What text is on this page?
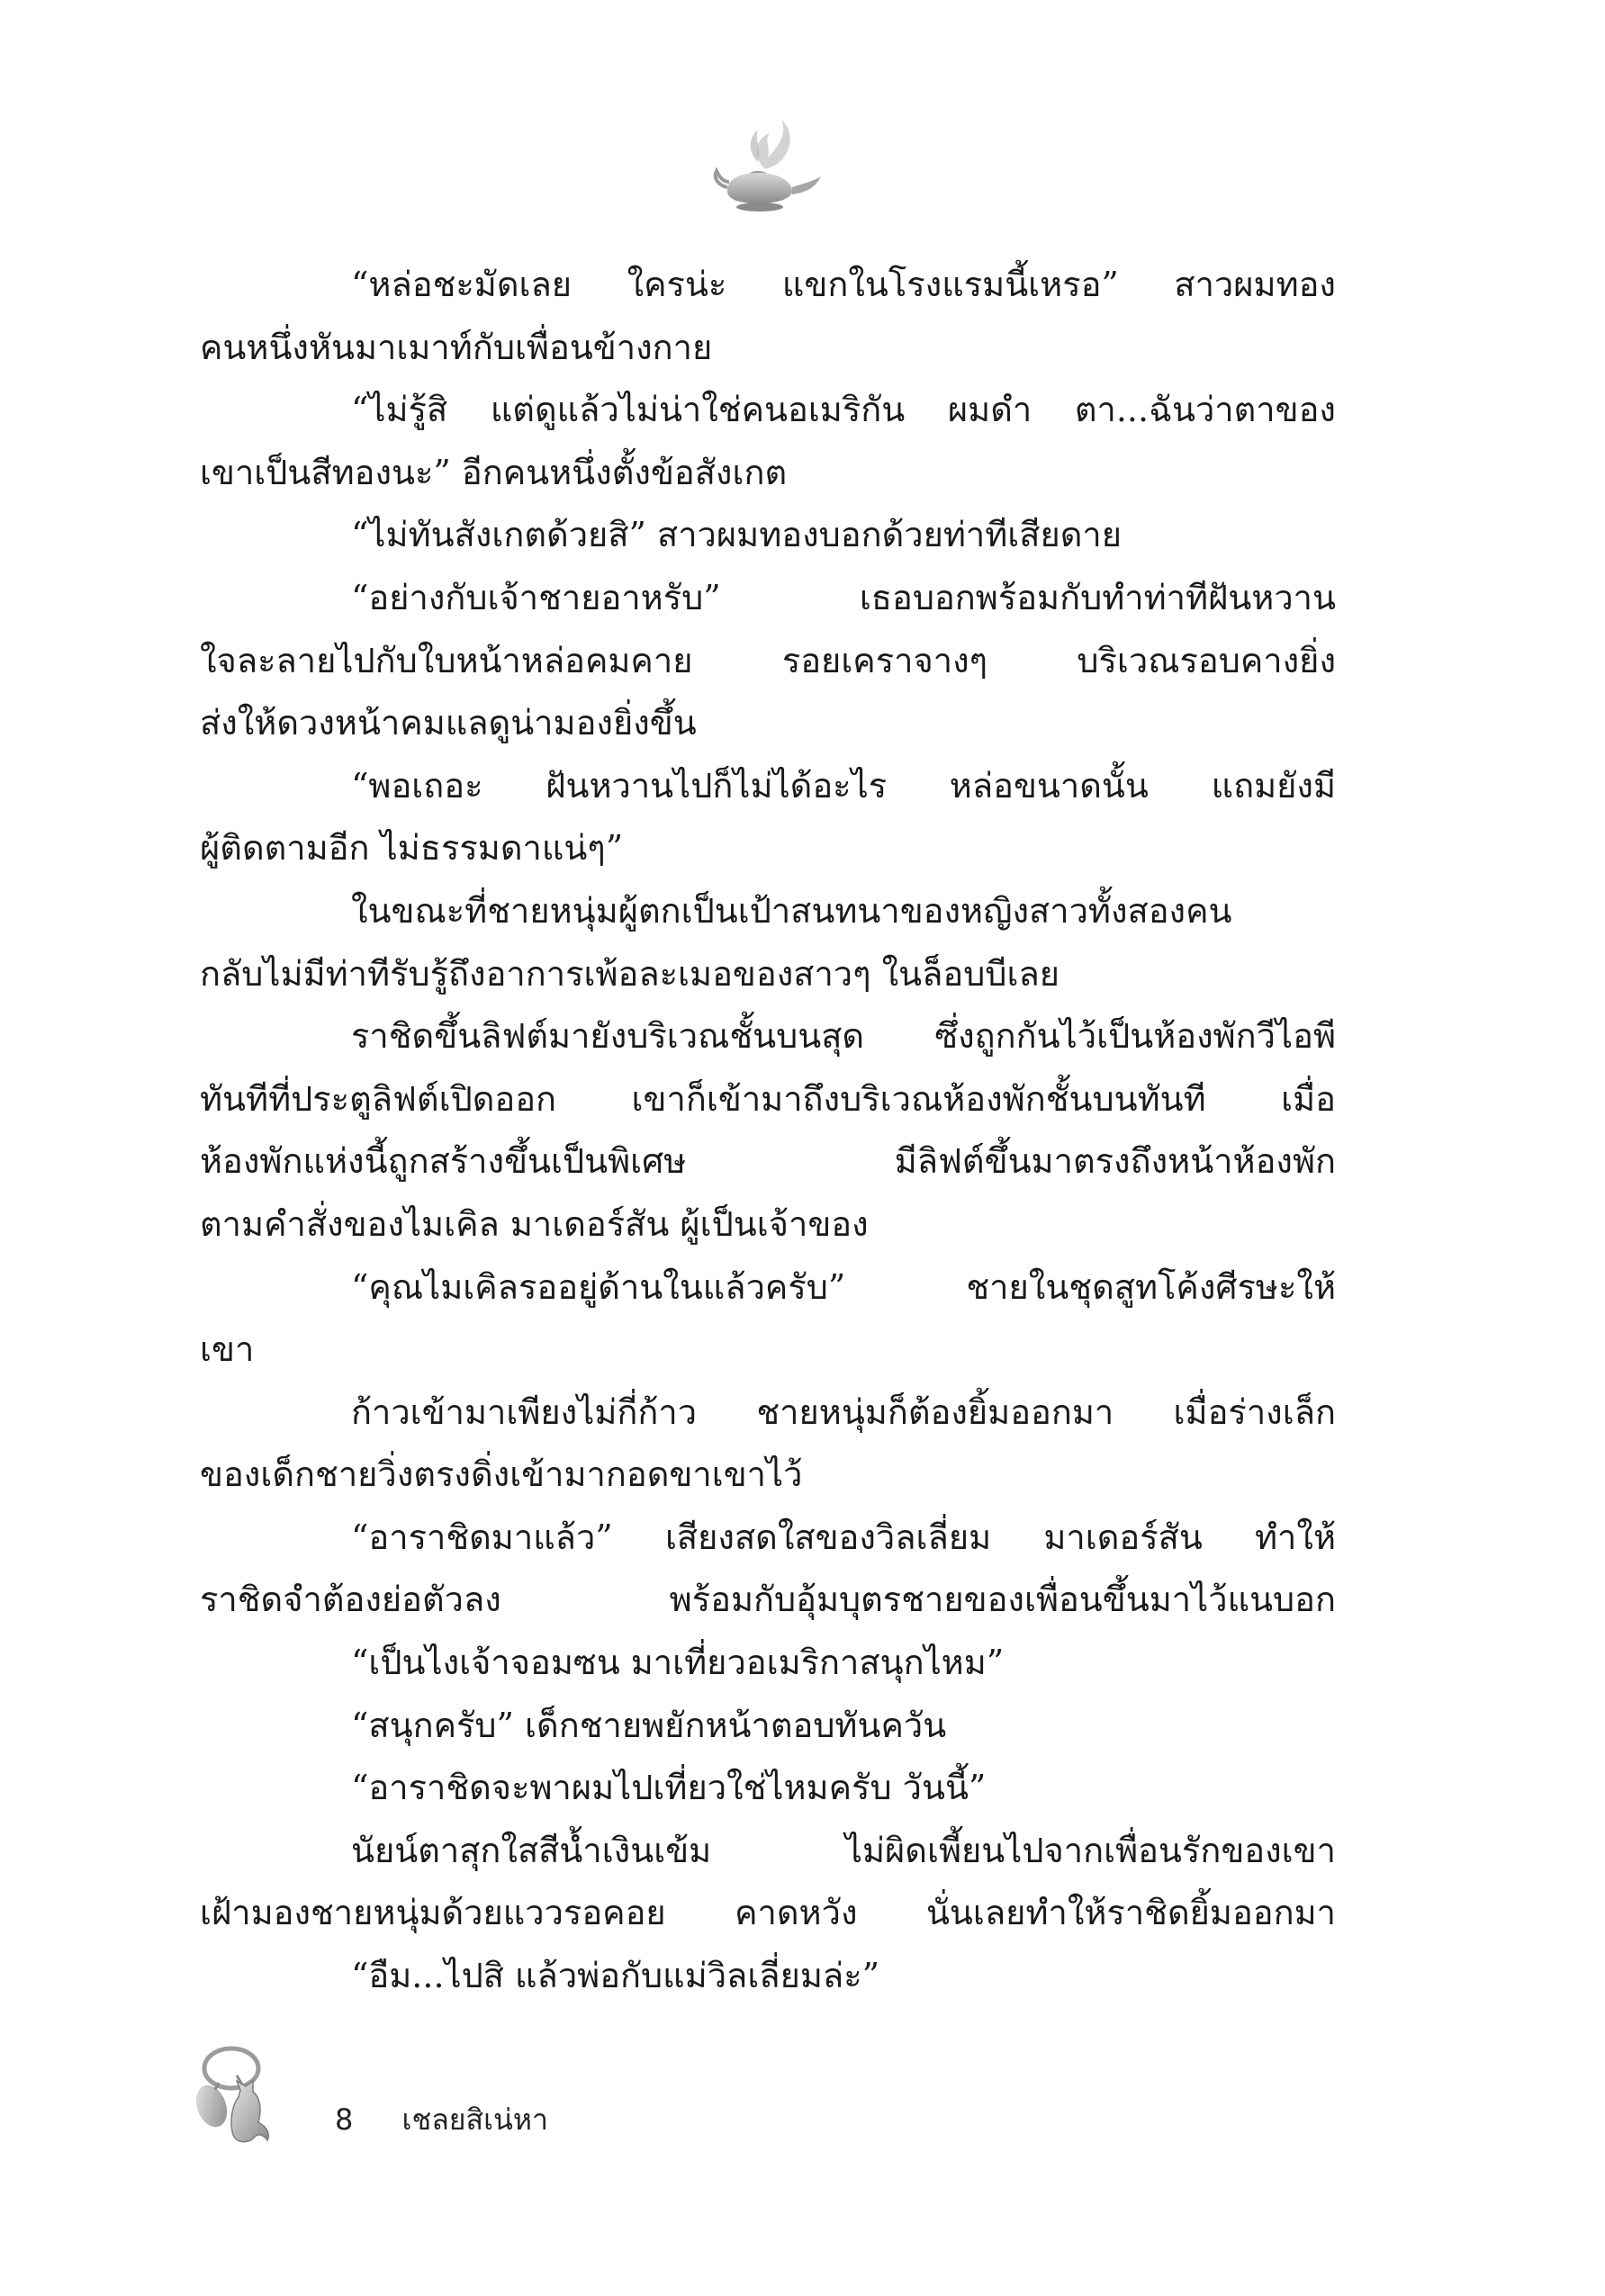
“หล่อชะมัดเลย ใครน่ะ แขกในโรงแรมนี้เหรอ” สาวผมทอง
คนหนึ่งหันมาเมาท์กับเพื่อนข้างกาย
“ไม่รู้สิ แต่ดูแล้วไม่น่าใช่คนอเมริกัน ผมดำ ตา...ฉันว่าตาของ
เขาเป็นสีทองนะ” อีกคนหนึ่งตั้งข้อสังเกต
“ไม่ทันสังเกตด้วยสิ” สาวผมทองบอกด้วยท่าทีเสียดาย
“อย่างกับเจ้าชายอาหรับ” เธอบอกพร้อมกับทำท่าทีฝันหวาน
ใจละลายไปกับใบหน้าหล่อคมคาย รอยเคราจางๆ บริเวณรอบคางยิ่ง
ส่งให้ดวงหน้าคมแลดูน่ามองยิ่งขึ้น
“พอเถอะ ฝันหวานไปก็ไม่ได้อะไร หล่อขนาดนั้น แถมยังมี
ผู้ติดตามอีก ไม่ธรรมดาแน่ๆ”
ในขณะที่ชายหนุ่มผู้ตกเป็นเป้าสนทนาของหญิงสาวทั้งสองคน
กลับไม่มีท่าทีรับรู้ถึงอาการเพ้อละเมอของสาวๆ ในล็อบบีเลย
ราชิดขึ้นลิฟต์มายังบริเวณชั้นบนสุด ซึ่งถูกกันไว้เป็นห้องพักวีไอพี
ทันทีที่ประตูลิฟต์เปิดออก เขาก็เข้ามาถึงบริเวณห้องพักชั้นบนทันที เมื่อ
ห้องพักแห่งนี้ถูกสร้างขึ้นเป็นพิเศษ มีลิฟต์ขึ้นมาตรงถึงหน้าห้องพัก
ตามคำสั่งของไมเคิล มาเดอร์สัน ผู้เป็นเจ้าของ
“คุณไมเคิลรออยู่ด้านในแล้วครับ” ชายในชุดสูทโค้งศีรษะให้
เขา
ก้าวเข้ามาเพียงไม่กี่ก้าว ชายหนุ่มก็ต้องยิ้มออกมา เมื่อร่างเล็ก
ของเด็กชายวิ่งตรงดิ่งเข้ามากอดขาเขาไว้
“อาราชิดมาแล้ว” เสียงสดใสของวิลเลี่ยม มาเดอร์สัน ทำให้
ราชิดจำต้องย่อตัวลง พร้อมกับอุ้มบุตรชายของเพื่อนขึ้นมาไว้แนบอก
“เป็นไงเจ้าจอมซน มาเที่ยวอเมริกาสนุกไหม”
“สนุกครับ” เด็กชายพยักหน้าตอบทันควัน
“อาราชิดจะพาผมไปเที่ยวใช่ไหมครับ วันนี้”
นัยน์ตาสุกใสสีน้ำเงินเข้ม ไม่ผิดเพี้ยนไปจากเพื่อนรักของเขา
เฝ้ามองชายหนุ่มด้วยแววรอคอย คาดหวัง นั่นเลยทำให้ราชิดยิ้มออกมา
“อืม...ไปสิ แล้วพ่อกับแม่วิลเลี่ยมล่ะ”
8 เชลยสิเน่หา
